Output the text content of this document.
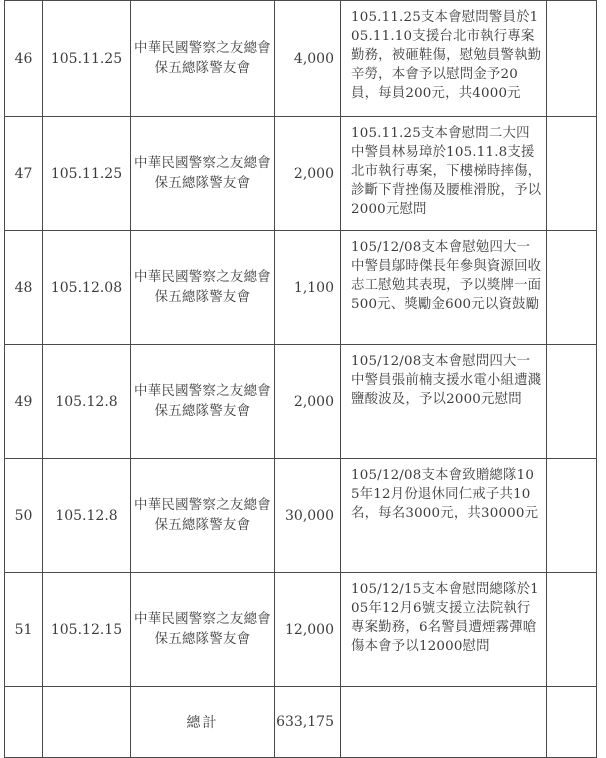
46	105.11.25	中華民國警察之友總會
保五總隊警友會	4,000	105.11.25支本會慰問警員於105.11.10支援台北市執行專案勤務，被砸鞋傷，慰勉員警執勤辛勞，本會予以慰問金予20員，每員200元，共4000元	

47	105.11.25	中華民國警察之友總會
保五總隊警友會	2,000	105.11.25支本會慰問二大四中警員林易璋於105.11.8支援北市執行專案，下樓梯時摔傷，診斷下背挫傷及腰椎滑脫，予以2000元慰問	

48	105.12.08	中華民國警察之友總會
保五總隊警友會	1,100	105/12/08支本會慰勉四大一中警員鄔時傑長年參與資源回收志工慰勉其表現，予以獎牌一面500元、獎勵金600元以資鼓勵	

49	105.12.8	中華民國警察之友總會
保五總隊警友會	2,000	105/12/08支本會慰問四大一中警員張前楠支援水電小組遭濺鹽酸波及，予以2000元慰問	

50	105.12.8	中華民國警察之友總會
保五總隊警友會	30,000	105/12/08支本會致贈總隊105年12月份退休同仁戒子共10名，每名3000元，共30000元	

51	105.12.15	中華民國警察之友總會
保五總隊警友會	12,000	105/12/15支本會慰問總隊於105年12月6號支援立法院執行專案勤務，6名警員遭煙霧彈嗆傷本會予以12000慰問	

		總計	633,175		
